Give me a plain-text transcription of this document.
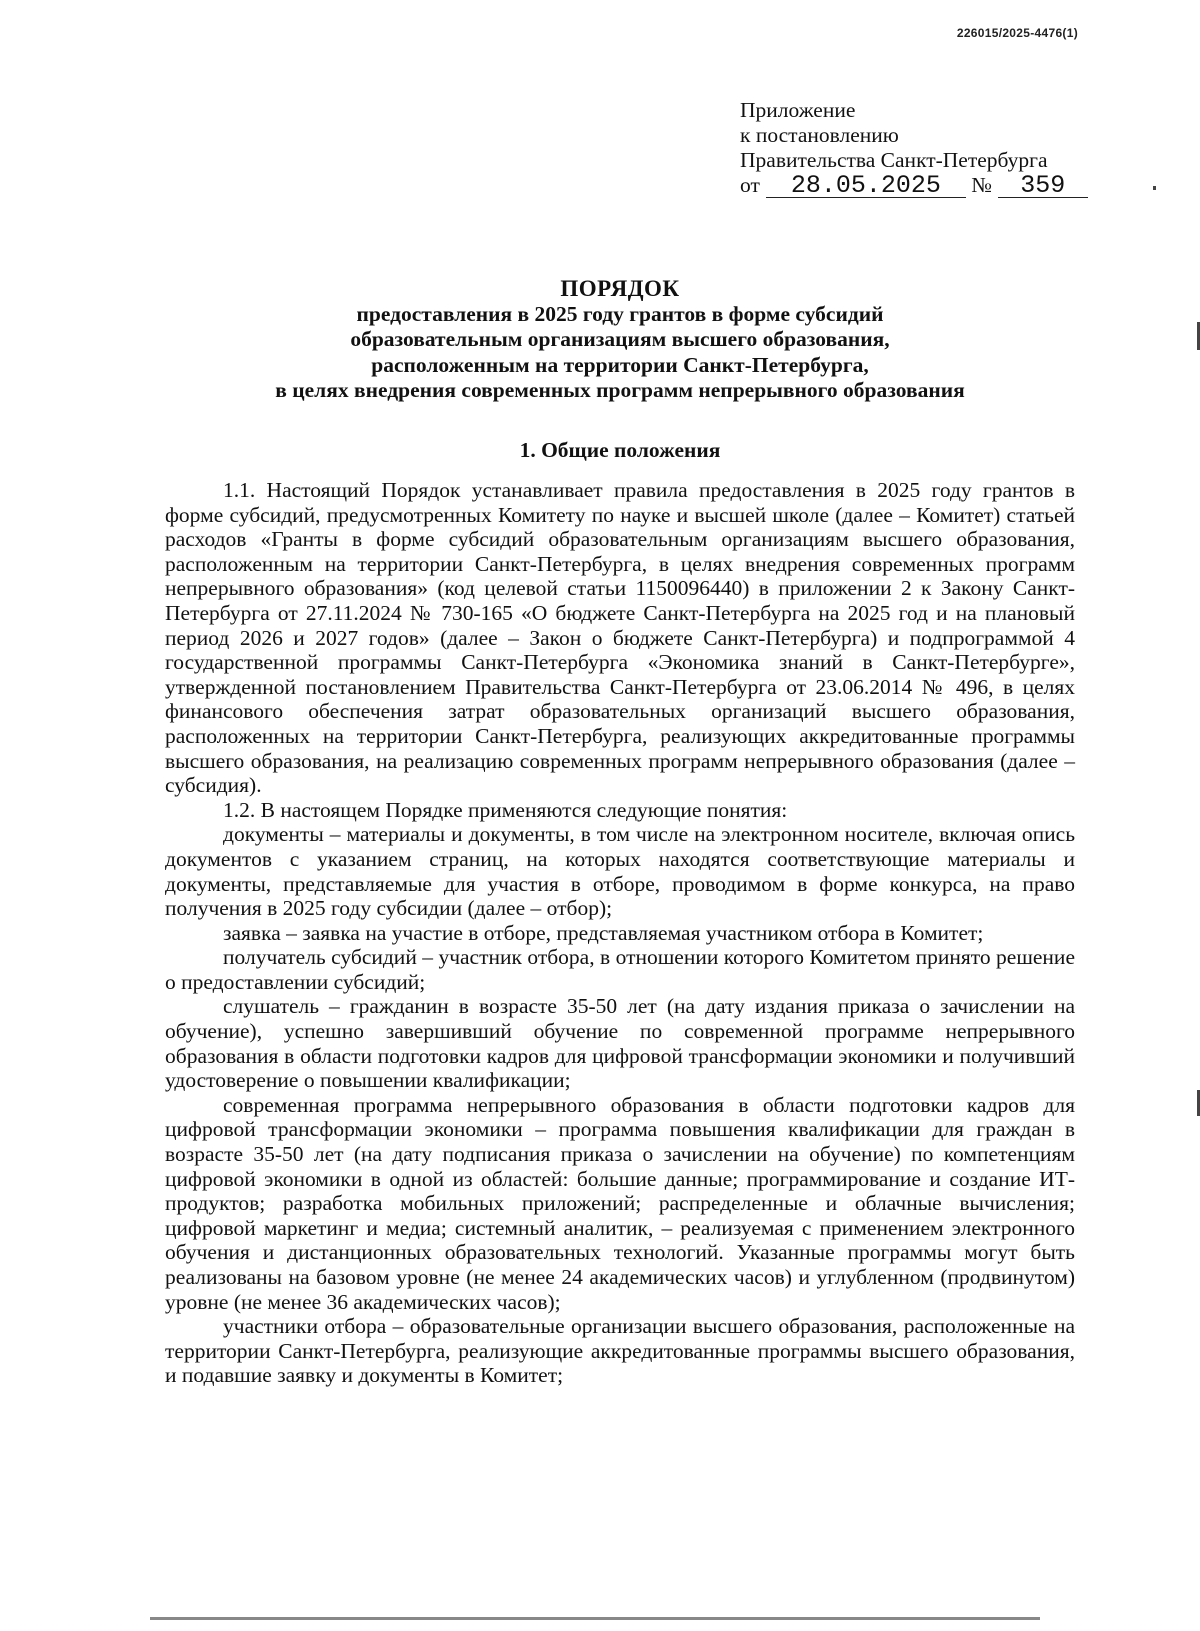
226015/2025-4476(1)
Приложение
к постановлению
Правительства Санкт-Петербурга
от 28.05.2025 № 359
ПОРЯДОК
предоставления в 2025 году грантов в форме субсидий
образовательным организациям высшего образования,
расположенным на территории Санкт-Петербурга,
в целях внедрения современных программ непрерывного образования
1. Общие положения

1.1. Настоящий Порядок устанавливает правила предоставления в 2025 году грантов в форме субсидий, предусмотренных Комитету по науке и высшей школе (далее – Комитет) статьей расходов «Гранты в форме субсидий образовательным организациям высшего образования, расположенным на территории Санкт-Петербурга, в целях внедрения современных программ непрерывного образования» (код целевой статьи 1150096440) в приложении 2 к Закону Санкт-Петербурга от 27.11.2024 № 730-165 «О бюджете Санкт-Петербурга на 2025 год и на плановый период 2026 и 2027 годов» (далее – Закон о бюджете Санкт-Петербурга) и подпрограммой 4 государственной программы Санкт-Петербурга «Экономика знаний в Санкт-Петербурге», утвержденной постановлением Правительства Санкт-Петербурга от 23.06.2014 № 496, в целях финансового обеспечения затрат образовательных организаций высшего образования, расположенных на территории Санкт-Петербурга, реализующих аккредитованные программы высшего образования, на реализацию современных программ непрерывного образования (далее – субсидия).

1.2. В настоящем Порядке применяются следующие понятия:

документы – материалы и документы, в том числе на электронном носителе, включая опись документов с указанием страниц, на которых находятся соответствующие материалы и документы, представляемые для участия в отборе, проводимом в форме конкурса, на право получения в 2025 году субсидии (далее – отбор);

заявка – заявка на участие в отборе, представляемая участником отбора в Комитет;

получатель субсидий – участник отбора, в отношении которого Комитетом принято решение о предоставлении субсидий;

слушатель – гражданин в возрасте 35-50 лет (на дату издания приказа о зачислении на обучение), успешно завершивший обучение по современной программе непрерывного образования в области подготовки кадров для цифровой трансформации экономики и получивший удостоверение о повышении квалификации;

современная программа непрерывного образования в области подготовки кадров для цифровой трансформации экономики – программа повышения квалификации для граждан в возрасте 35-50 лет (на дату подписания приказа о зачислении на обучение) по компетенциям цифровой экономики в одной из областей: большие данные; программирование и создание ИТ-продуктов; разработка мобильных приложений; распределенные и облачные вычисления; цифровой маркетинг и медиа; системный аналитик, – реализуемая с применением электронного обучения и дистанционных образовательных технологий. Указанные программы могут быть реализованы на базовом уровне (не менее 24 академических часов) и углубленном (продвинутом) уровне (не менее 36 академических часов);

участники отбора – образовательные организации высшего образования, расположенные на территории Санкт-Петербурга, реализующие аккредитованные программы высшего образования, и подавшие заявку и документы в Комитет;
